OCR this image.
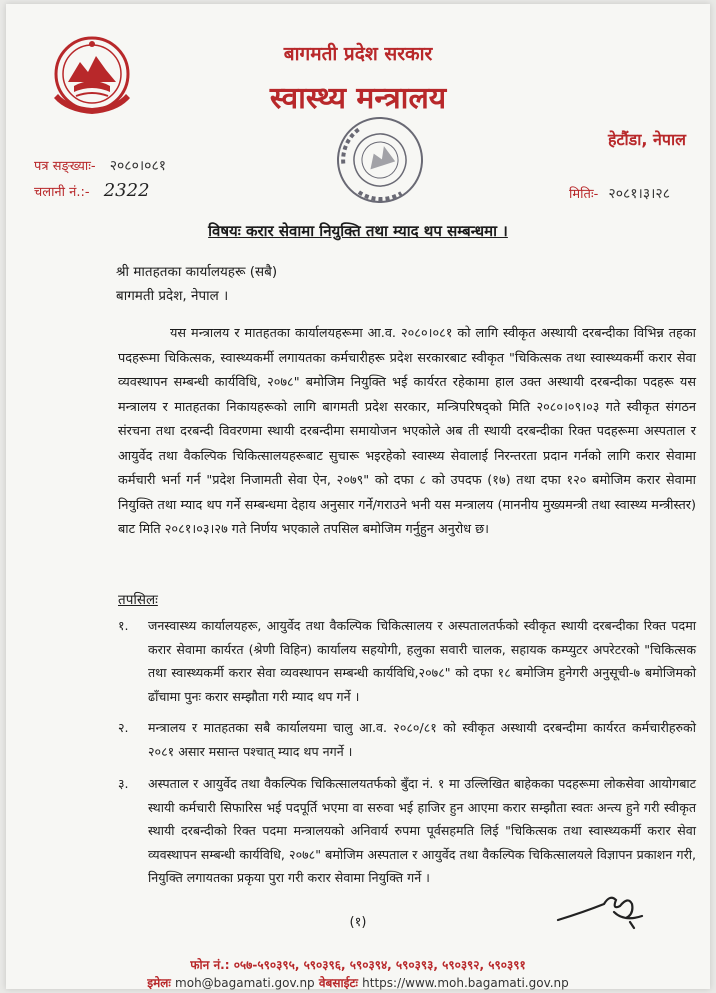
बागमती प्रदेश सरकार
स्वास्थ्य मन्त्रालय
हेटौंडा, नेपाल
पत्र सङ्ख्याः- २०८०।०८१
चलानी नं.:- 2322	मितिः- २०८१।३।२८
विषयः करार सेवामा नियुक्ति तथा म्याद थप सम्बन्धमा ।
श्री मातहतका कार्यालयहरू (सबै)
बागमती प्रदेश, नेपाल ।
यस मन्त्रालय र मातहतका कार्यालयहरूमा आ.व. २०८०।०८१ को लागि स्वीकृत अस्थायी दरबन्दीका विभिन्न तहका पदहरूमा चिकित्सक, स्वास्थ्यकर्मी लगायतका कर्मचारीहरू प्रदेश सरकारबाट स्वीकृत "चिकित्सक तथा स्वास्थ्यकर्मी करार सेवा व्यवस्थापन सम्बन्धी कार्यविधि, २०७८" बमोजिम नियुक्ति भई कार्यरत रहेकामा हाल उक्त अस्थायी दरबन्दीका पदहरू यस मन्त्रालय र मातहतका निकायहरूको लागि बागमती प्रदेश सरकार, मन्त्रिपरिषद्को मिति २०८०।०९।०३ गते स्वीकृत संगठन संरचना तथा दरबन्दी विवरणमा स्थायी दरबन्दीमा समायोजन भएकोले अब ती स्थायी दरबन्दीका रिक्त पदहरूमा अस्पताल र आयुर्वेद तथा वैकल्पिक चिकित्सालयहरूबाट सुचारू भइरहेको स्वास्थ्य सेवालाई निरन्तरता प्रदान गर्नको लागि करार सेवामा कर्मचारी भर्ना गर्न "प्रदेश निजामती सेवा ऐन, २०७९" को दफा ८ को उपदफ (१७) तथा दफा १२० बमोजिम करार सेवामा नियुक्ति तथा म्याद थप गर्ने सम्बन्धमा देहाय अनुसार गर्ने/गराउने भनी यस मन्त्रालय (माननीय मुख्यमन्त्री तथा स्वास्थ्य मन्त्रीस्तर) बाट मिति २०८१।०३।२७ गते निर्णय भएकाले तपसिल बमोजिम गर्नुहुन अनुरोध छ।
तपसिलः
१. जनस्वास्थ्य कार्यालयहरू, आयुर्वेद तथा वैकल्पिक चिकित्सालय र अस्पतालतर्फको स्वीकृत स्थायी दरबन्दीका रिक्त पदमा करार सेवामा कार्यरत (श्रेणी विहिन) कार्यालय सहयोगी, हलुका सवारी चालक, सहायक कम्प्युटर अपरेटरको "चिकित्सक तथा स्वास्थ्यकर्मी करार सेवा व्यवस्थापन सम्बन्धी कार्यविधि,२०७८" को दफा १८ बमोजिम हुनेगरी अनुसूची-७ बमोजिमको ढाँचामा पुनः करार सम्झौता गरी म्याद थप गर्ने ।
२. मन्त्रालय र मातहतका सबै कार्यालयमा चालु आ.व. २०८०/८१ को स्वीकृत अस्थायी दरबन्दीमा कार्यरत कर्मचारीहरुको २०८१ असार मसान्त पश्चात् म्याद थप नगर्ने ।
३. अस्पताल र आयुर्वेद तथा वैकल्पिक चिकित्सालयतर्फको बुँदा नं. १ मा उल्लिखित बाहेकका पदहरूमा लोकसेवा आयोगबाट स्थायी कर्मचारी सिफारिस भई पदपूर्ति भएमा वा सरुवा भई हाजिर हुन आएमा करार सम्झौता स्वतः अन्त्य हुने गरी स्वीकृत स्थायी दरबन्दीको रिक्त पदमा मन्त्रालयको अनिवार्य रुपमा पूर्वसहमति लिई "चिकित्सक तथा स्वास्थ्यकर्मी करार सेवा व्यवस्थापन सम्बन्धी कार्यविधि, २०७८" बमोजिम अस्पताल र आयुर्वेद तथा वैकल्पिक चिकित्सालयले विज्ञापन प्रकाशन गरी, नियुक्ति लगायतका प्रकृया पुरा गरी करार सेवामा नियुक्ति गर्ने ।
(१)
फोन नं.: ०५७-५९०३९५, ५९०३९६, ५९०३९४, ५९०३९३, ५९०३९२, ५९०३९१
इमेलः moh@bagamati.gov.np वेबसाईटः https://www.moh.bagamati.gov.np
